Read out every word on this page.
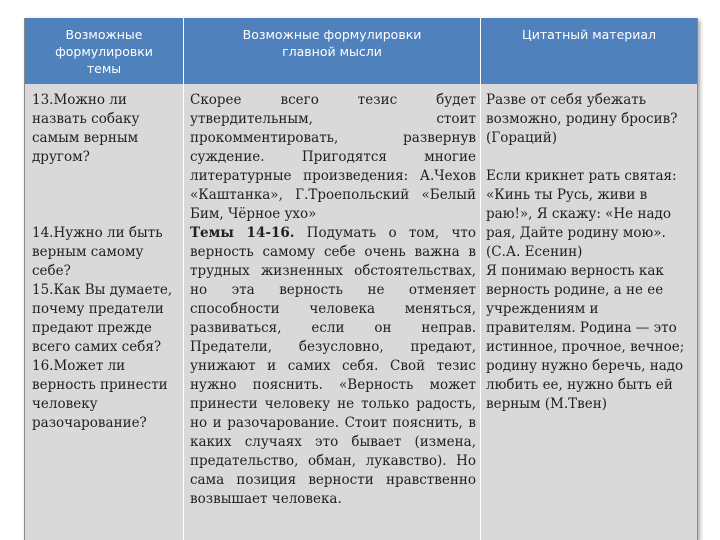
Возможные формулировки темы
Возможные формулировки главной мысли
Цитатный материал

13.Можно ли назвать собаку самым верным другом?

14.Нужно ли быть верным самому себе?

15.Как Вы думаете, почему предатели предают прежде всего самих себя?

16.Может ли верность принести человеку разочарование?

Скорее всего тезис будет утвердительным, стоит прокомментировать, развернув суждение. Пригодятся многие литературные произведения: А.Чехов «Каштанка», Г.Троепольский «Белый Бим, Чёрное ухо»

Темы 14-16. Подумать о том, что верность самому себе очень важна в трудных жизненных обстоятельствах, но эта верность не отменяет способности человека меняться, развиваться, если он неправ. Предатели, безусловно, предают, унижают и самих себя. Свой тезис нужно пояснить. «Верность может принести человеку не только радость, но и разочарование. Стоит пояснить, в каких случаях это бывает (измена, предательство, обман, лукавство). Но сама позиция верности нравственно возвышает человека.

Разве от себя убежать возможно, родину бросив? (Гораций)

Если крикнет рать святая: «Кинь ты Русь, живи в раю!», Я скажу: «Не надо рая, Дайте родину мою».(С.А. Есенин)

Я понимаю верность как верность родине, а не ее учреждениям и правителям. Родина — это истинное, прочное, вечное; родину нужно беречь, надо любить ее, нужно быть ей верным (М.Твен)
